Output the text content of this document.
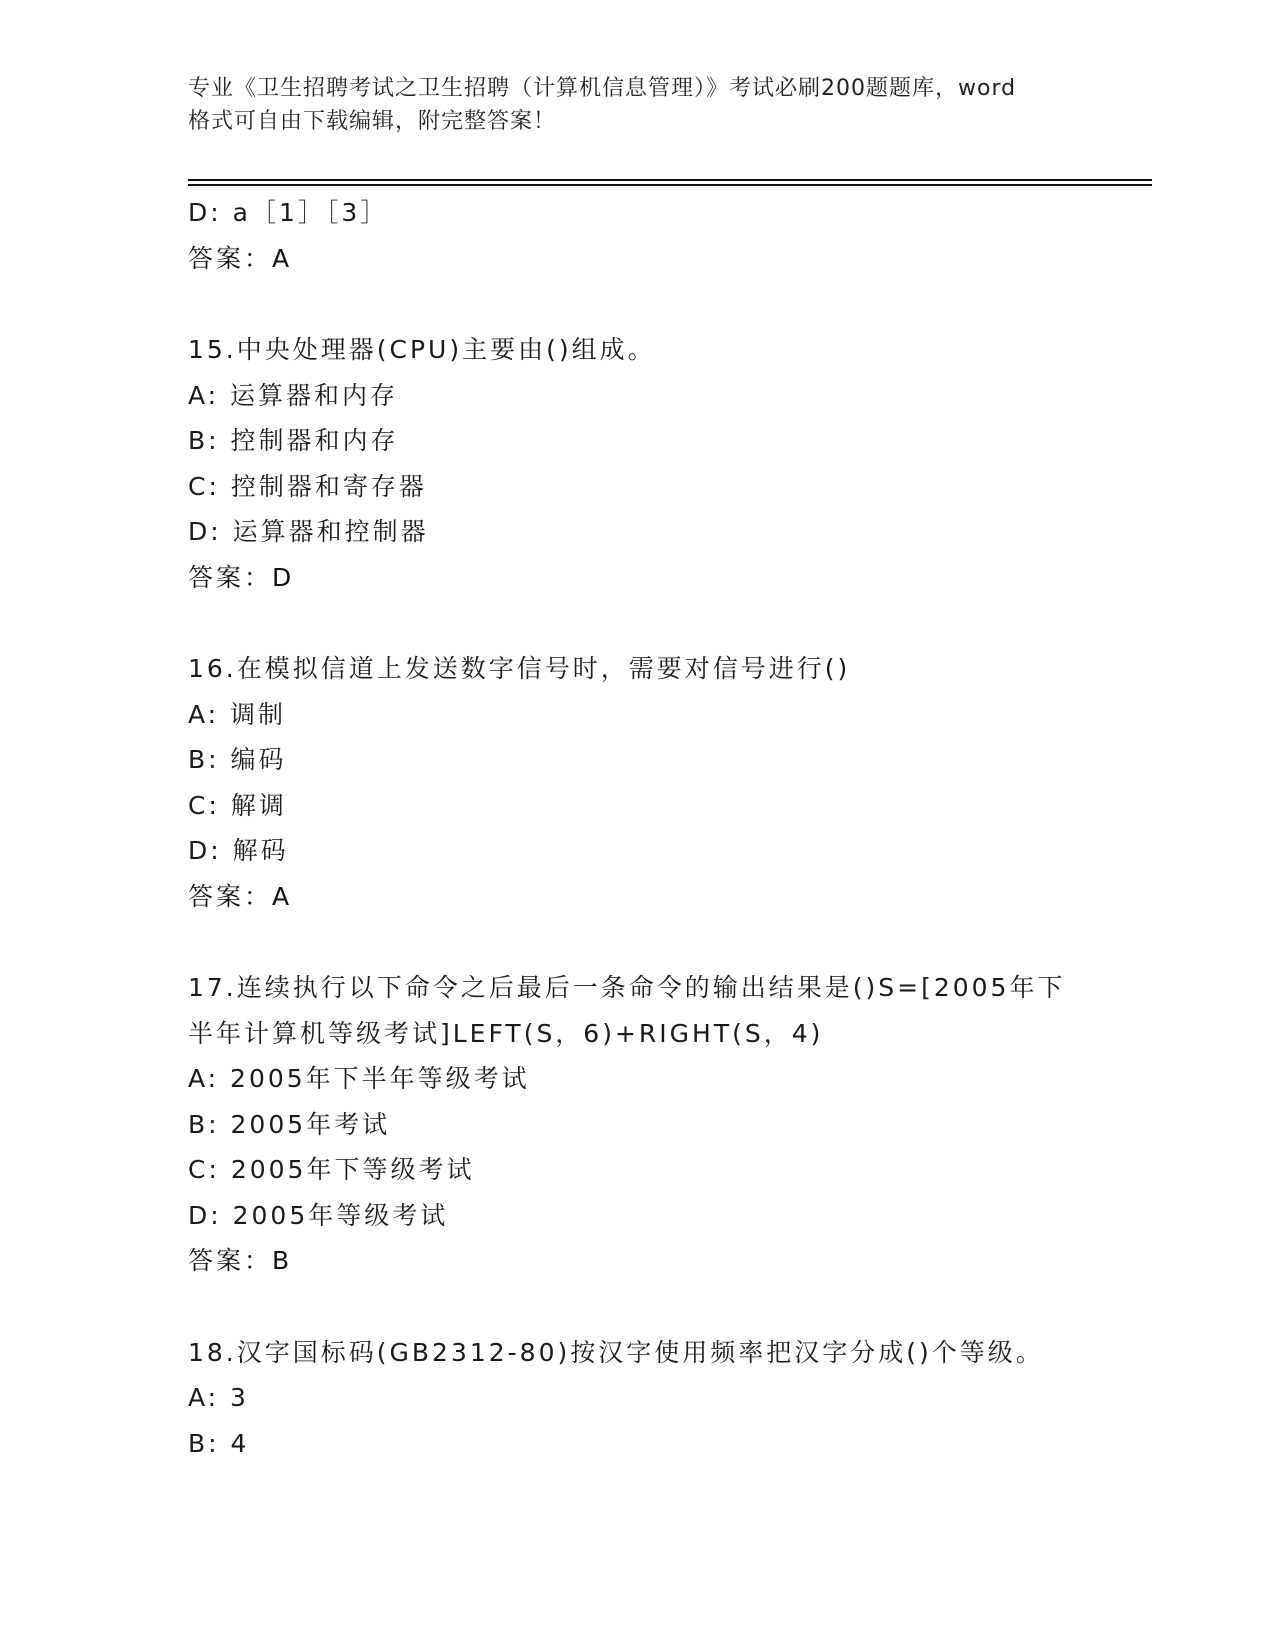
专业《卫生招聘考试之卫生招聘（计算机信息管理）》考试必刷200题题库，word
格式可自由下载编辑，附完整答案！
D: a［1］［3］
答案：A
15.中央处理器(CPU)主要由()组成。
A: 运算器和内存
B: 控制器和内存
C: 控制器和寄存器
D: 运算器和控制器
答案：D
16.在模拟信道上发送数字信号时，需要对信号进行()
A: 调制
B: 编码
C: 解调
D: 解码
答案：A
17.连续执行以下命令之后最后一条命令的输出结果是()S=[2005年下
半年计算机等级考试]LEFT(S，6)+RIGHT(S，4)
A: 2005年下半年等级考试
B: 2005年考试
C: 2005年下等级考试
D: 2005年等级考试
答案：B
18.汉字国标码(GB2312-80)按汉字使用频率把汉字分成()个等级。
A: 3
B: 4
